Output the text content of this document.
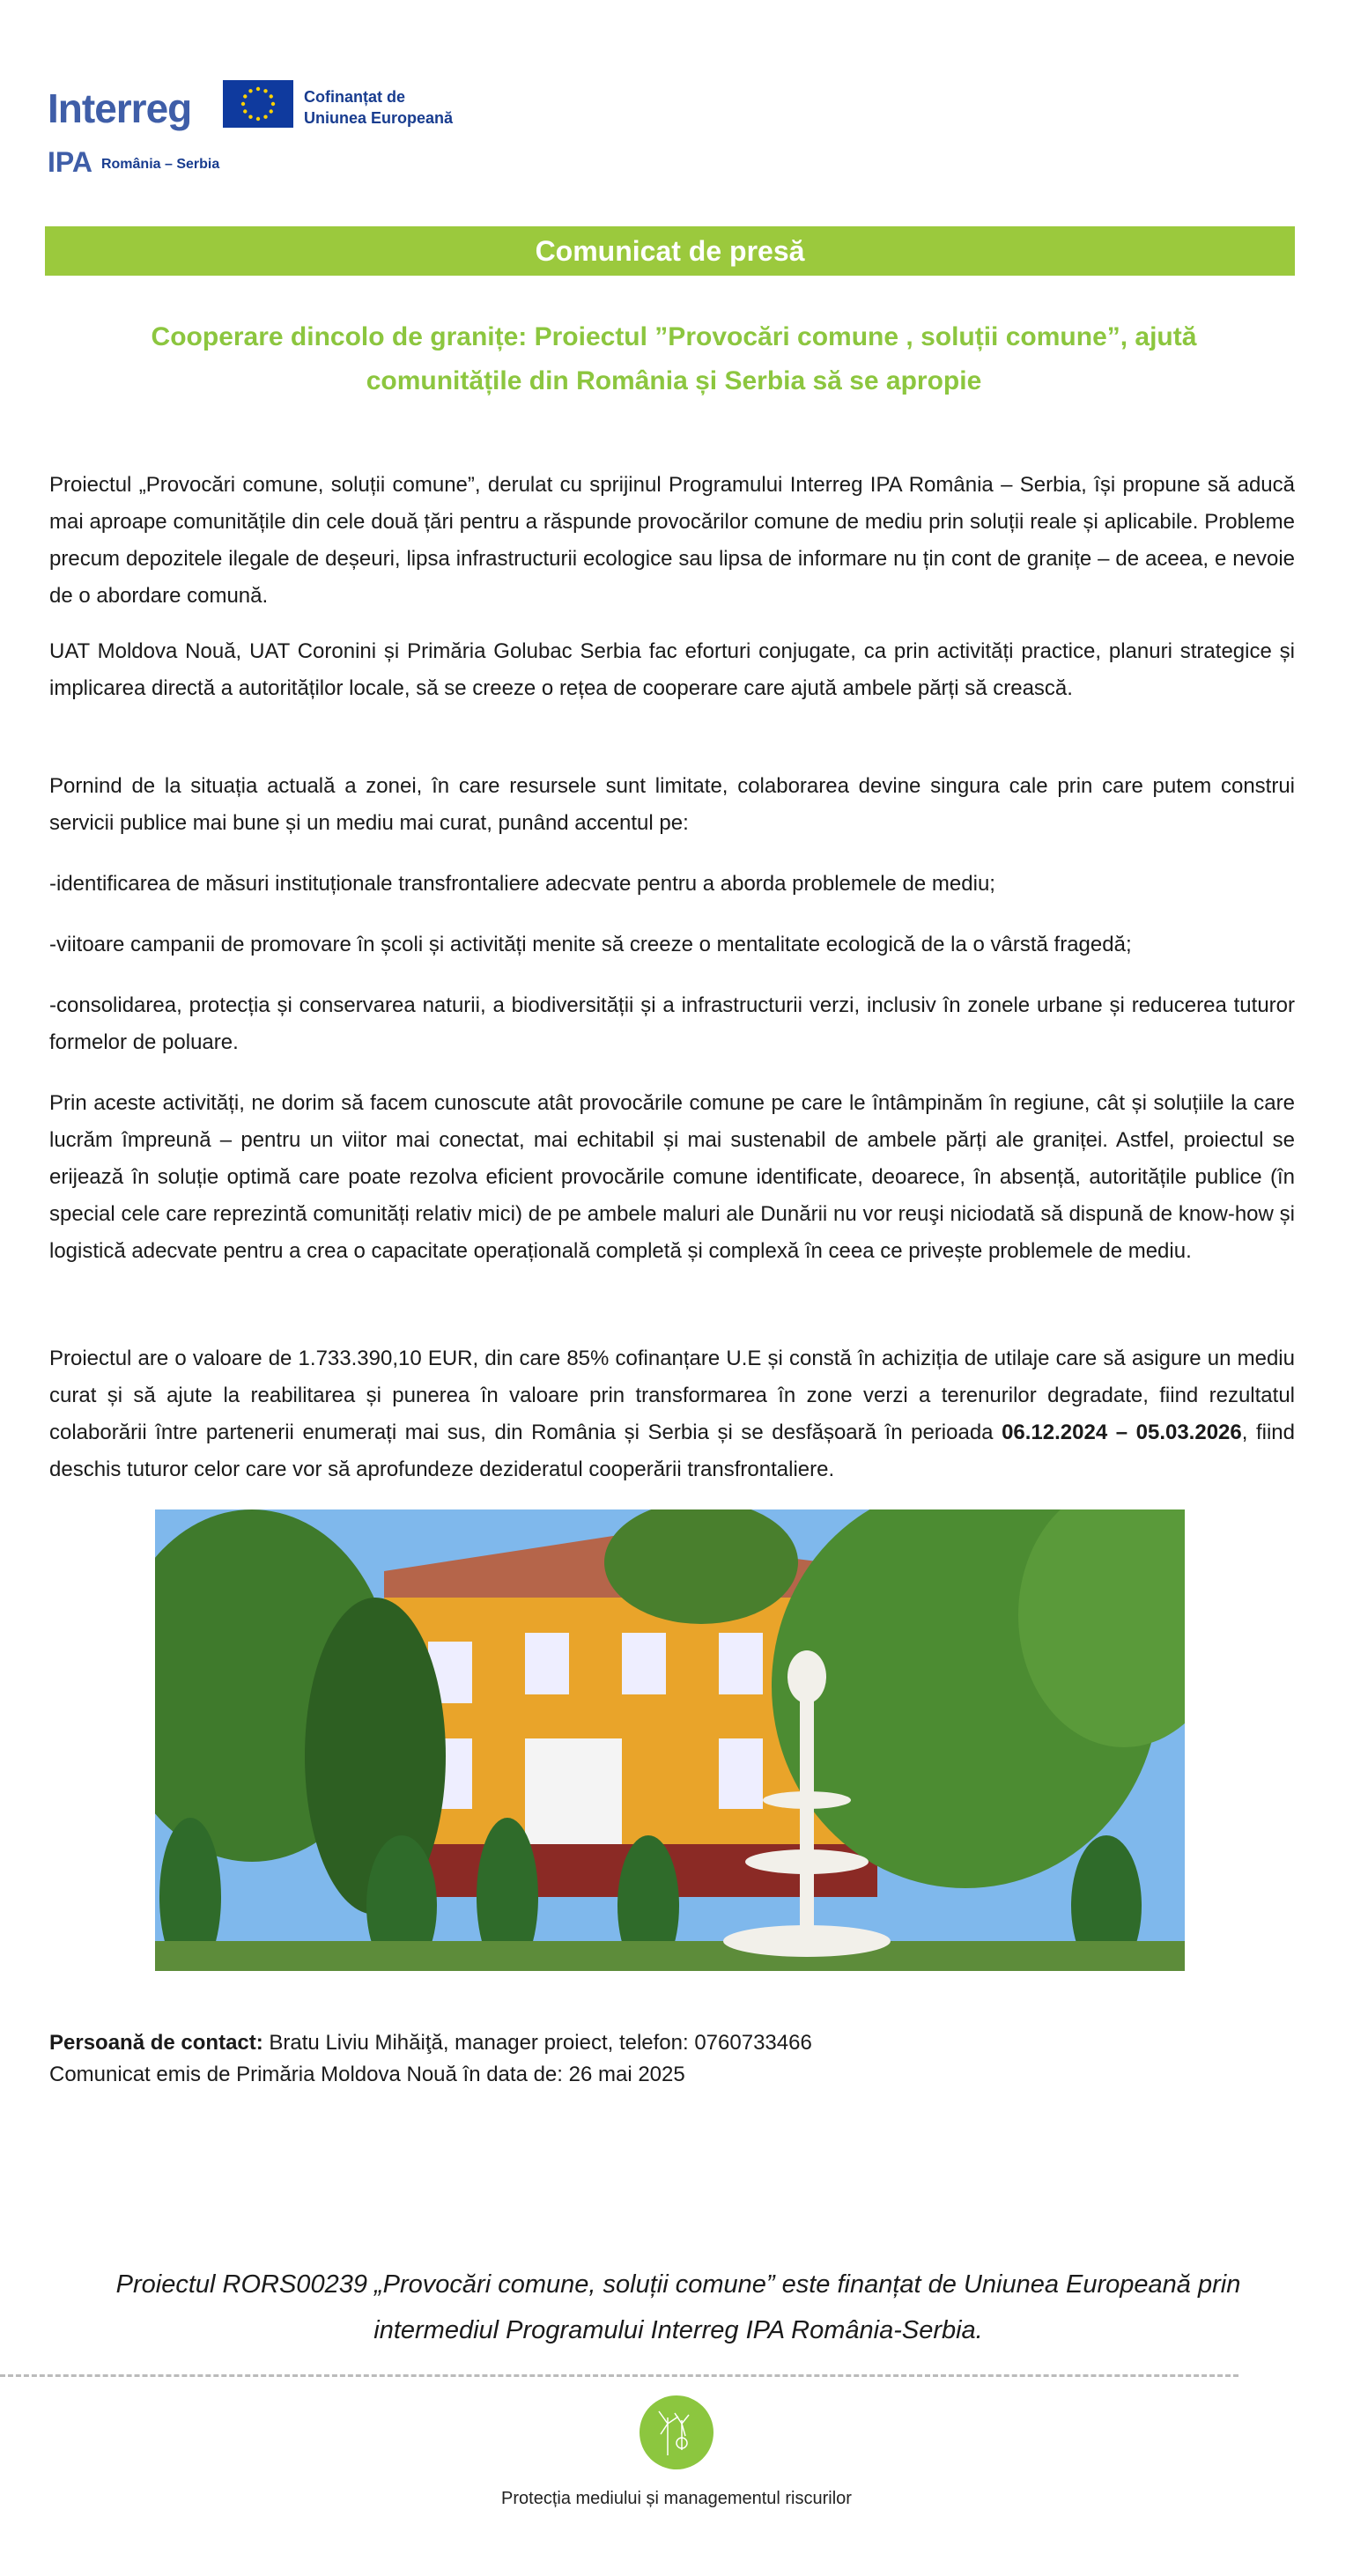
Interreg	Cofinanțat de
Uniunea Europeană
IPA România – Serbia
Comunicat de presă
Cooperare dincolo de granițe: Proiectul ”Provocări comune , soluții comune”, ajută comunitățile din România și Serbia să se apropie
Proiectul „Provocări comune, soluții comune”, derulat cu sprijinul Programului Interreg IPA România – Serbia, își propune să aducă mai aproape comunitățile din cele două țări pentru a răspunde provocărilor comune de mediu prin soluții reale și aplicabile. Probleme precum depozitele ilegale de deșeuri, lipsa infrastructurii ecologice sau lipsa de informare nu țin cont de granițe – de aceea, e nevoie de o abordare comună.
UAT Moldova Nouă, UAT Coronini și Primăria Golubac Serbia fac eforturi conjugate, ca prin activități practice, planuri strategice și implicarea directă a autorităților locale, să se creeze o rețea de cooperare care ajută ambele părți să crească.
Pornind de la situația actuală a zonei, în care resursele sunt limitate, colaborarea devine singura cale prin care putem construi servicii publice mai bune și un mediu mai curat, punând accentul pe:
-identificarea de măsuri instituționale transfrontaliere adecvate pentru a aborda problemele de mediu;
-viitoare campanii de promovare în școli și activități menite să creeze o mentalitate ecologică de la o vârstă fragedă;
-consolidarea, protecția și conservarea naturii, a biodiversității și a infrastructurii verzi, inclusiv în zonele urbane și reducerea tuturor formelor de poluare.
Prin aceste activități, ne dorim să facem cunoscute atât provocările comune pe care le întâmpinăm în regiune, cât și soluțiile la care lucrăm împreună – pentru un viitor mai conectat, mai echitabil și mai sustenabil de ambele părți ale graniței. Astfel, proiectul se erijează în soluție optimă care poate rezolva eficient provocările comune identificate, deoarece, în absență, autoritățile publice (în special cele care reprezintă comunități relativ mici) de pe ambele maluri ale Dunării nu vor reuşi niciodată să dispună de know-how și logistică adecvate pentru a crea o capacitate operațională completă și complexă în ceea ce privește problemele de mediu.
Proiectul are o valoare de 1.733.390,10 EUR, din care 85% cofinanțare U.E și constă în achiziția de utilaje care să asigure un mediu curat și să ajute la reabilitarea și punerea în valoare prin transformarea în zone verzi a terenurilor degradate, fiind rezultatul colaborării între partenerii enumerați mai sus, din România și Serbia și se desfășoară în perioada 06.12.2024 – 05.03.2026, fiind deschis tuturor celor care vor să aprofundeze dezideratul cooperării transfrontaliere.
Persoană de contact: Bratu Liviu Mihăiţă, manager proiect, telefon: 0760733466
Comunicat emis de Primăria Moldova Nouă în data de: 26 mai 2025
Proiectul RORS00239 „Provocări comune, soluții comune” este finanțat de Uniunea Europeană prin intermediul Programului Interreg IPA România-Serbia.
Protecția mediului și managementul riscurilor
